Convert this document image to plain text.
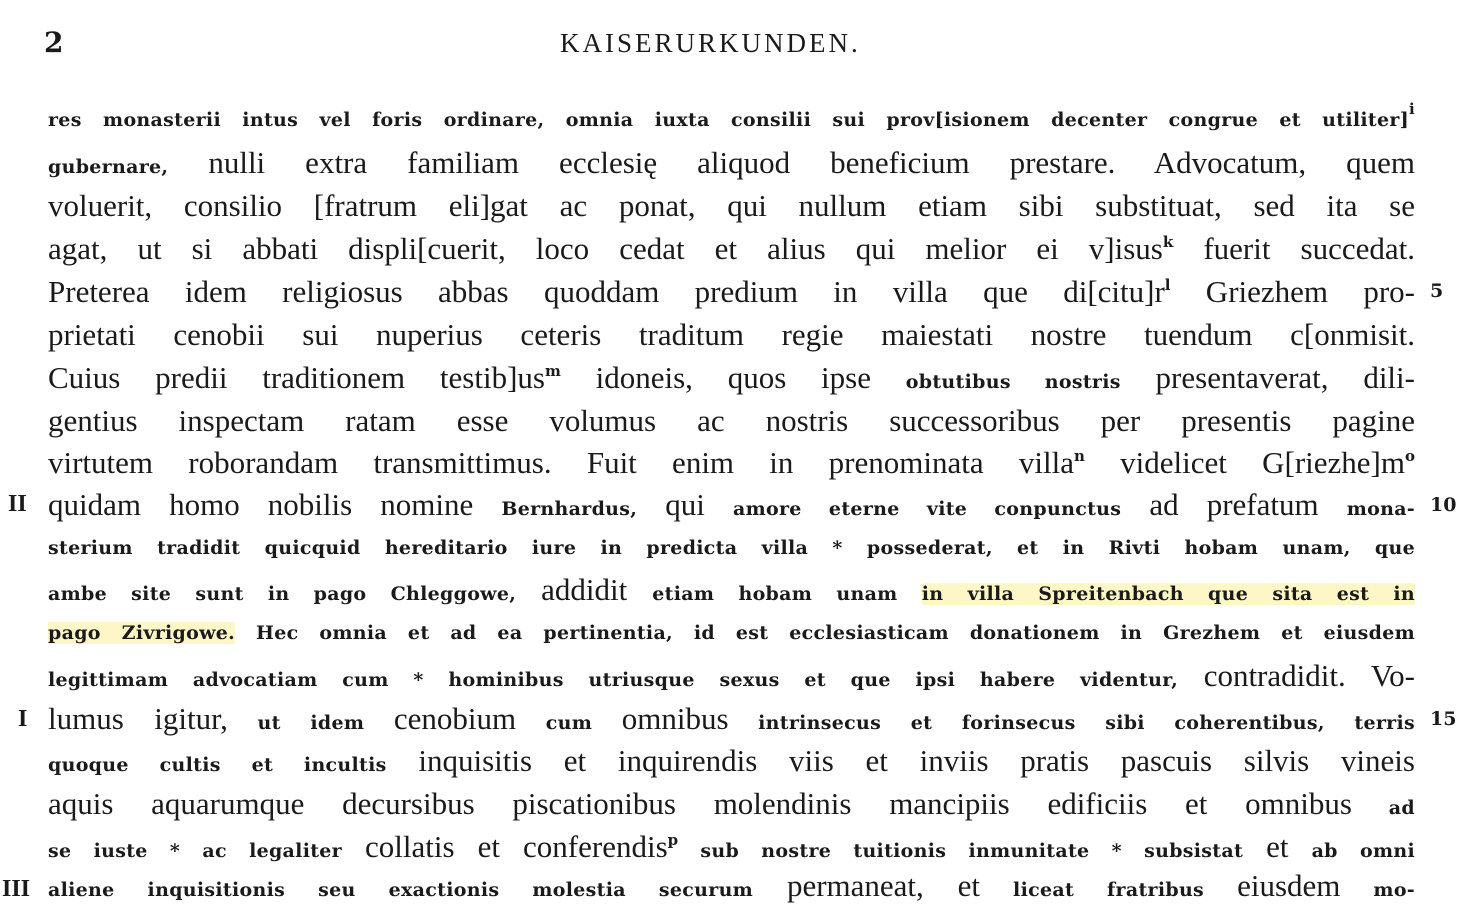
2	KAISERURKUNDEN.
res monasterii intus vel foris ordinare, omnia iuxta consilii sui prov[isionem decenter congrue et utiliter]$^i$
gubernare, nulli extra familiam ecclesię aliquod beneficium prestare. Advocatum, quem
voluerit, consilio [fratrum eli]gat ac ponat, qui nullum etiam sibi substituat, sed ita se
agat, ut si abbati displi[cuerit, loco cedat et alius qui melior ei v]isus$^k$ fuerit succedat.
Preterea idem religiosus abbas quoddam predium in villa que $di[citu]r^l$ Griezhem pro-
prietati cenobii sui nuperius ceteris traditum regie maiestati nostre tuendum c[onmisit.
Cuius predii traditionem $testib]us^m$ idoneis, quos ipse obtutibus nostris presentaverat, dili-
gentius inspectam ratam esse volumus ac nostris successoribus per presentis pagine
virtutem roborandam transmittimus. Fuit enim in prenominata villa$^n$ videlicet $G[riezhe]m^o$
II quidam homo nobilis nomine Bernhardus, qui amore eterne vite conpunctus ad prefatum mona- 10
sterium tradidit quicquid hereditario iure in predicta villa * possederat, et in Rivti hobam unam, que
ambe site sunt in pago Chleggowe, addidit etiam hobam unam in villa Spreitenbach que sita est in
pago Zivrigowe. Hec omnia et ad ea pertinentia, id est ecclesiasticam donationem in Grezhem et eiusdem
legittimam advocatiam cum * hominibus utriusque sexus et que ipsi habere videntur, contradidit. Vo-
I lumus igitur, ut idem cenobium cum omnibus intrinsecus et forinsecus sibi coherentibus, terris 15
quoque cultis et incultis inquisitis et inquirendis viis et inviis pratis pascuis silvis vineis
aquis aquarumque decursibus piscationibus molendinis mancipiis edificiis et omnibus ad
se iuste * ac legaliter collatis et conferendis$^p$ sub nostre tuitionis inmunitate * subsistat et ab omni
III aliene inquisitionis seu exactionis molestia securum permaneat, et liceat fratribus eiusdem mo-
5
